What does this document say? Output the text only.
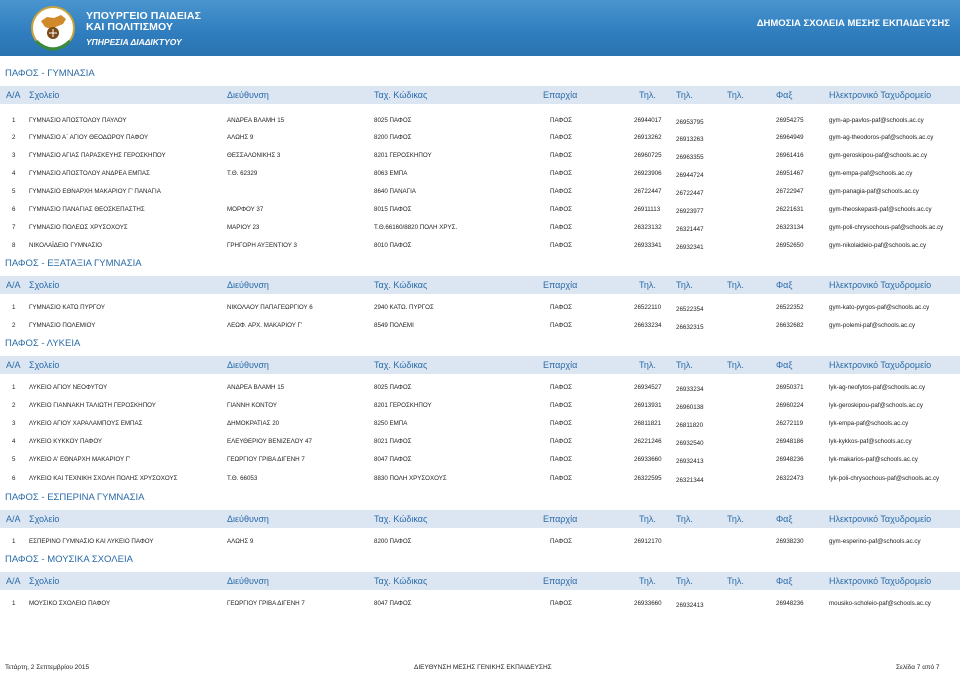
ΥΠΟΥΡΓΕΙΟ ΠΑΙΔΕΙΑΣ
ΚΑΙ ΠΟΛΙΤΙΣΜΟΥ
ΥΠΗΡΕΣΙΑ ΔΙΑΔΙΚΤΥΟΥ
ΔΗΜΟΣΙΑ ΣΧΟΛΕΙΑ ΜΕΣΗΣ ΕΚΠΑΙΔΕΥΣΗΣ
ΠΑΦΟΣ - ΓΥΜΝΑΣΙΑ
Α/Α Σχολείο	Διεύθυνση	Ταχ. Κώδικας	Επαρχία	Τηλ. Τηλ.	Τηλ.	Φαξ	Ηλεκτρονικό Ταχυδρομείο
1 ΓΥΜΝΑΣΙΟ ΑΠΟΣΤΟΛΟΥ ΠΑΥΛΟΥ	ΑΝΔΡΕΑ ΒΛΑΜΗ 15	8025 ΠΑΦΟΣ	ΠΑΦΟΣ	26944017 26953795	26954275	gym-ap-pavlos-paf@schools.ac.cy
2 ΓΥΜΝΑΣΙΟ Α΄ ΑΓΙΟΥ ΘΕΟΔΩΡΟΥ ΠΑΦΟΥ	ΑΛΩΗΣ 9	8200 ΠΑΦΟΣ	ΠΑΦΟΣ	26913262 26913263	26964949	gym-ag-theodoros-paf@schools.ac.cy
3 ΓΥΜΝΑΣΙΟ ΑΓΙΑΣ ΠΑΡΑΣΚΕΥΗΣ ΓΕΡΟΣΚΗΠΟΥ	ΘΕΣΣΑΛΟΝΙΚΗΣ 3	8201 ΓΕΡΟΣΚΗΠΟΥ	ΠΑΦΟΣ	26960725 26963355	26961416	gym-geroskipou-paf@schools.ac.cy
4 ΓΥΜΝΑΣΙΟ ΑΠΟΣΤΟΛΟΥ ΑΝΔΡΕΑ ΕΜΠΑΣ	Τ.Θ. 62329	8063 ΕΜΠΑ	ΠΑΦΟΣ	26923906 26944724	26951467	gym-empa-paf@schools.ac.cy
5 ΓΥΜΝΑΣΙΟ ΕΘΝΑΡΧΗ ΜΑΚΑΡΙΟΥ Γ' ΠΑΝΑΓΙΑ	8640 ΠΑΝΑΓΙΑ	ΠΑΦΟΣ	26722447 26722447	26722947	gym-panagia-paf@schools.ac.cy
6 ΓΥΜΝΑΣΙΟ ΠΑΝΑΓΙΑΣ ΘΕΟΣΚΕΠΑΣΤΗΣ	ΜΟΡΦΟΥ 37	8015 ΠΑΦΟΣ	ΠΑΦΟΣ	26911113	26923977	26221631	gym-theoskepasti-paf@schools.ac.cy
7 ΓΥΜΝΑΣΙΟ ΠΟΛΕΩΣ ΧΡΥΣΟΧΟΥΣ	ΜΑΡΙΟΥ 23	Τ.Θ.66160/8820 ΠΟΛΗ ΧΡΥΣ.	ΠΑΦΟΣ	26323132 26321447	26323134	gym-poli-chrysochous-paf@schools.ac.cy
8 ΝΙΚΟΛΑΪΔΕΙΟ ΓΥΜΝΑΣΙΟ	ΓΡΗΓΟΡΗ ΑΥΞΕΝΤΙΟΥ 3	8010 ΠΑΦΟΣ	ΠΑΦΟΣ	26933341 26932341	26952650	gym-nikolaideio-paf@schools.ac.cy
ΠΑΦΟΣ - ΕΞΑΤΑΞΙΑ ΓΥΜΝΑΣΙΑ
Α/Α Σχολείο	Διεύθυνση	Ταχ. Κώδικας	Επαρχία	Τηλ. Τηλ.	Τηλ.	Φαξ	Ηλεκτρονικό Ταχυδρομείο
1 ΓΥΜΝΑΣΙΟ ΚΑΤΩ ΠΥΡΓΟΥ	ΝΙΚΟΛΑΟΥ ΠΑΠΑΓΕΩΡΓΙΟΥ 6	2940 ΚΑΤΩ. ΠΥΡΓΟΣ	ΠΑΦΟΣ	26522110 26522354	26522352	gym-kato-pyrgos-paf@schools.ac.cy
2 ΓΥΜΝΑΣΙΟ ΠΟΛΕΜΙΟΥ	ΛΕΩΦ. ΑΡΧ. ΜΑΚΑΡΙΟΥ Γ'	8549 ΠΟΛΕΜΙ	ΠΑΦΟΣ	26633234 26632315	26632682	gym-polemi-paf@schools.ac.cy
ΠΑΦΟΣ - ΛΥΚΕΙΑ
Α/Α Σχολείο	Διεύθυνση	Ταχ. Κώδικας	Επαρχία	Τηλ. Τηλ.	Τηλ.	Φαξ	Ηλεκτρονικό Ταχυδρομείο
1 ΛΥΚΕΙΟ ΑΓΙΟΥ ΝΕΟΦΥΤΟΥ	ΑΝΔΡΕΑ ΒΛΑΜΗ 15	8025 ΠΑΦΟΣ	ΠΑΦΟΣ	26934527 26933234	26950371	lyk-ag-neofytos-paf@schools.ac.cy
2 ΛΥΚΕΙΟ ΓΙΑΝΝΑΚΗ ΤΑΛΙΩΤΗ ΓΕΡΟΣΚΗΠΟΥ	ΓΙΑΝΝΗ ΚΟΝΤΟΥ	8201 ΓΕΡΟΣΚΗΠΟΥ	ΠΑΦΟΣ	26913931 26960138	26960224	lyk-geroskipou-paf@schools.ac.cy
3 ΛΥΚΕΙΟ ΑΓΙΟΥ ΧΑΡΑΛΑΜΠΟΥΣ ΕΜΠΑΣ	ΔΗΜΟΚΡΑΤΙΑΣ 20	8250 ΕΜΠΑ	ΠΑΦΟΣ	26811821 26811820	26272119	lyk-empa-paf@schools.ac.cy
4 ΛΥΚΕΙΟ ΚΥΚΚΟΥ ΠΑΦΟΥ	ΕΛΕΥΘΕΡΙΟΥ ΒΕΝΙΖΕΛΟΥ 47	8021 ΠΑΦΟΣ	ΠΑΦΟΣ	26221246 26932540	26948186	lyk-kykkos-paf@schools.ac.cy
5 ΛΥΚΕΙΟ Α' ΕΘΝΑΡΧΗ ΜΑΚΑΡΙΟΥ Γ'	ΓΕΩΡΓΙΟΥ ΓΡΙΒΑ ΔΙΓΕΝΗ 7	8047 ΠΑΦΟΣ	ΠΑΦΟΣ	26933660 26932413	26948236	lyk-makarios-paf@schools.ac.cy
6 ΛΥΚΕΙΟ ΚΑΙ ΤΕΧΝΙΚΗ ΣΧΟΛΗ ΠΟΛΗΣ ΧΡΥΣΟΧΟΥΣ	Τ.Θ. 66053	8830 ΠΟΛΗ ΧΡΥΣΟΧΟΥΣ	ΠΑΦΟΣ	26322595 26321344	26322473	lyk-poli-chrysochous-paf@schools.ac.cy
ΠΑΦΟΣ - ΕΣΠΕΡΙΝΑ ΓΥΜΝΑΣΙΑ
Α/Α Σχολείο	Διεύθυνση	Ταχ. Κώδικας	Επαρχία	Τηλ. Τηλ.	Τηλ.	Φαξ	Ηλεκτρονικό Ταχυδρομείο
1 ΕΣΠΕΡΙΝΟ ΓΥΜΝΑΣΙΟ ΚΑΙ ΛΥΚΕΙΟ ΠΑΦΟΥ	ΑΛΩΗΣ 9	8200 ΠΑΦΟΣ	ΠΑΦΟΣ	26912170	26938230	gym-esperino-paf@schools.ac.cy
ΠΑΦΟΣ - ΜΟΥΣΙΚΑ ΣΧΟΛΕΙΑ
Α/Α Σχολείο	Διεύθυνση	Ταχ. Κώδικας	Επαρχία	Τηλ. Τηλ.	Τηλ.	Φαξ	Ηλεκτρονικό Ταχυδρομείο
1 ΜΟΥΣΙΚΟ ΣΧΟΛΕΙΟ ΠΑΦΟΥ	ΓΕΩΡΓΙΟΥ ΓΡΙΒΑ ΔΙΓΕΝΗ 7	8047 ΠΑΦΟΣ	ΠΑΦΟΣ	26933660 26932413	26948236	mousiko-scholeio-paf@schools.ac.cy
Τετάρτη, 2 Σεπτεμβρίου 2015	ΔΙΕΥΘΥΝΣΗ ΜΕΣΗΣ ΓΕΝΙΚΗΣ ΕΚΠΑΙΔΕΥΣΗΣ	Σελίδα 7 από 7
